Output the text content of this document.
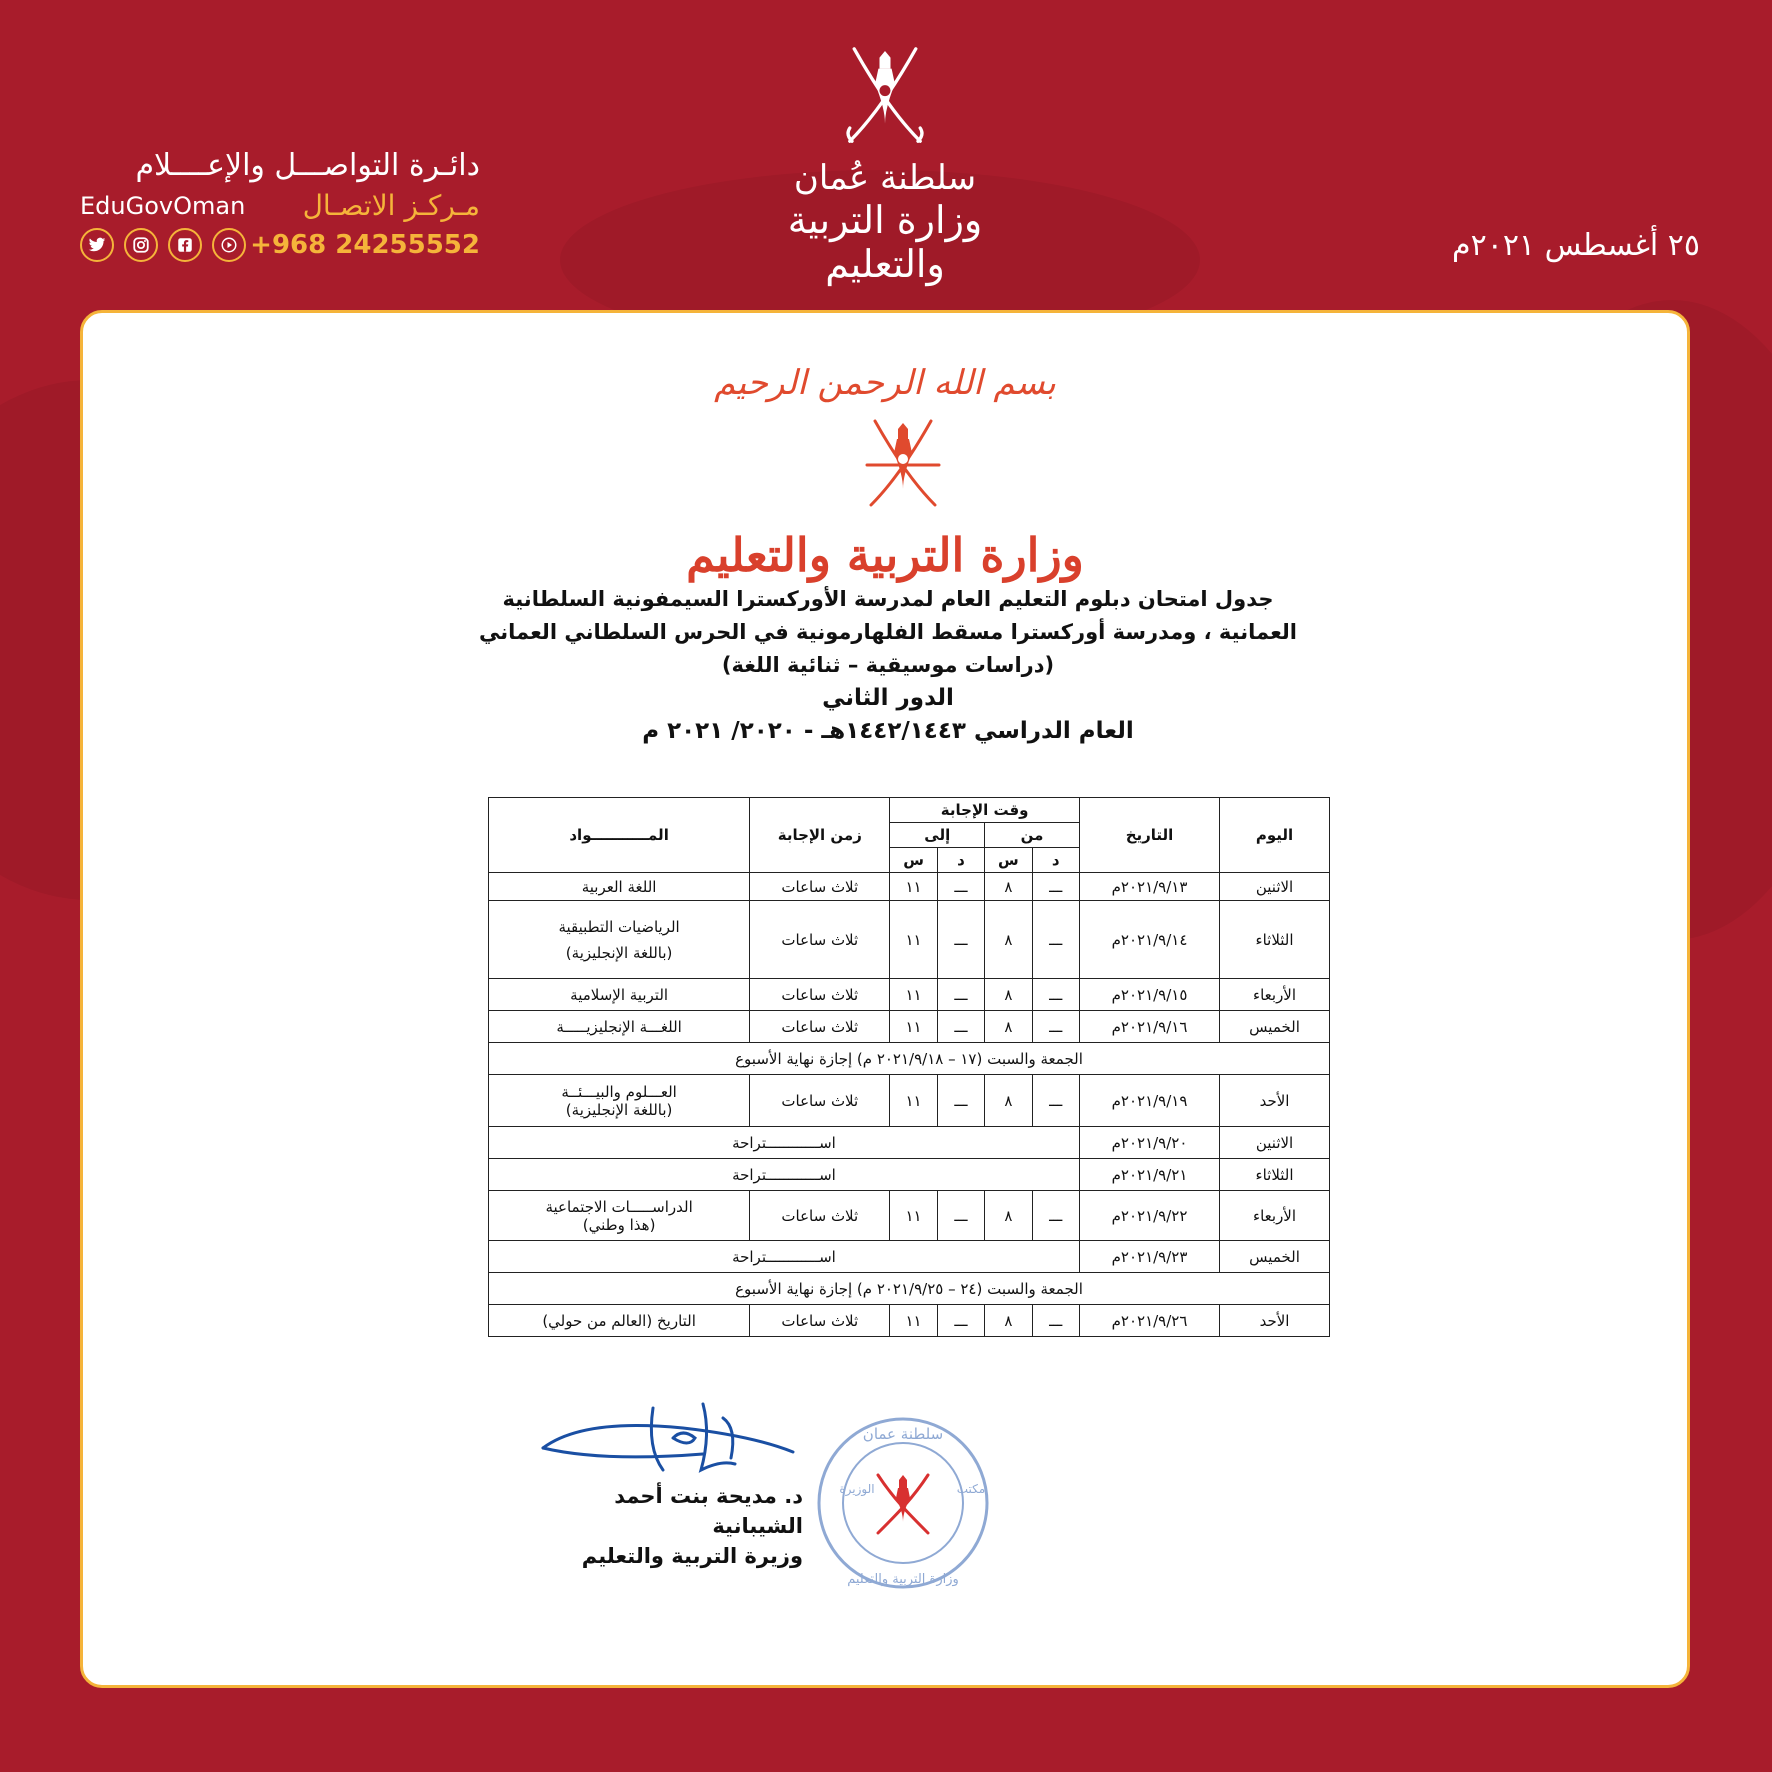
دائـرة التواصـــل والإعــــلام
مـركـز الاتصـال
EduGovOman
+968 24255552
سلطنة عُمان
وزارة التربية والتعليم	٢٥ أغسطس ٢٠٢١م
بسم الله الرحمن الرحيم
وزارة التربية والتعليم
جدول امتحان دبلوم التعليم العام لمدرسة الأوركسترا السيمفونية السلطانية
العمانية ، ومدرسة أوركسترا مسقط الفلهارمونية في الحرس السلطاني العماني
(دراسات موسيقية – ثنائية اللغة)
الدور الثاني
العام الدراسي ١٤٤٢/١٤٤٣هـ - ٢٠٢٠/ ٢٠٢١ م
اليوم	التاريخ	وقت الإجابة				زمن الإجابة	المـــــــــــواد
		من		إلى			
		د	س	د	س		
الاثنين	٢٠٢١/٩/١٣م	ـــ	٨	ـــ	١١	ثلاث ساعات	اللغة العربية

الثلاثاء	٢٠٢١/٩/١٤م	ـــ	٨	ـــ	١١	ثلاث ساعات	الرياضيات التطبيقية
(باللغة الإنجليزية)

الأربعاء	٢٠٢١/٩/١٥م	ـــ	٨	ـــ	١١	ثلاث ساعات	التربية الإسلامية

الخميس	٢٠٢١/٩/١٦م	ـــ	٨	ـــ	١١	ثلاث ساعات	اللغـــة الإنجليزيـــــة

الجمعة والسبت (١٧ – ٢٠٢١/٩/١٨ م) إجازة نهاية الأسبوع							
الأحد	٢٠٢١/٩/١٩م	ـــ	٨	ـــ	١١	ثلاث ساعات	العـــلوم والبيـــئــة
(باللغة الإنجليزية)

الاثنين	٢٠٢١/٩/٢٠م	اســــــــــــتراحة					
الثلاثاء	٢٠٢١/٩/٢١م	اســــــــــــتراحة					
الأربعاء	٢٠٢١/٩/٢٢م	ـــ	٨	ـــ	١١	ثلاث ساعات	الدراســـــات الاجتماعية
(هذا وطني)

الخميس	٢٠٢١/٩/٢٣م	اســــــــــــتراحة					
الجمعة والسبت (٢٤ – ٢٠٢١/٩/٢٥ م) إجازة نهاية الأسبوع							
الأحد	٢٠٢١/٩/٢٦م	ـــ	٨	ـــ	١١	ثلاث ساعات	التاريخ (العالم من حولي)
د. مديحة بنت أحمد الشيبانية
وزيرة التربية والتعليم
سلطنة عمان
وزارة التربية والتعليم
الوزيرة	مكتب
